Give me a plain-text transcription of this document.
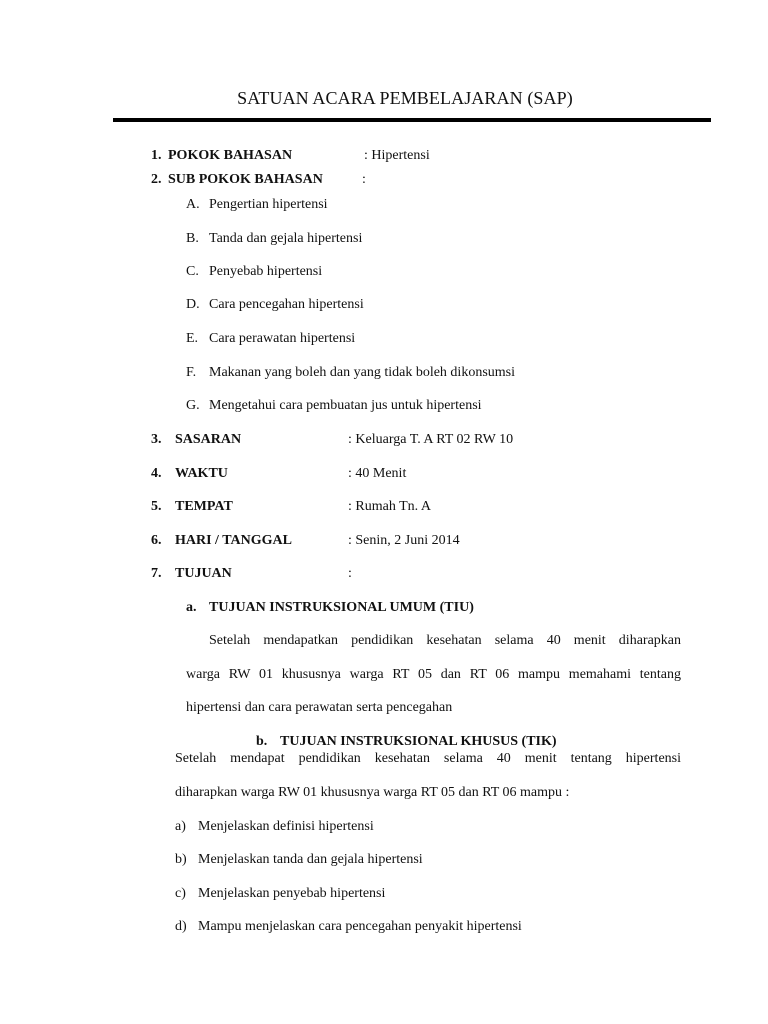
SATUAN ACARA PEMBELAJARAN (SAP)
1. POKOK BAHASAN	: Hipertensi
2. SUB POKOK BAHASAN	:
A. Pengertian hipertensi
B. Tanda dan gejala hipertensi
C. Penyebab hipertensi
D. Cara pencegahan hipertensi
E. Cara perawatan hipertensi
F. Makanan yang boleh dan yang tidak boleh dikonsumsi
G. Mengetahui cara pembuatan jus untuk hipertensi
3. SASARAN	: Keluarga T. A RT 02 RW 10
4. WAKTU	: 40 Menit
5. TEMPAT	: Rumah Tn. A
6. HARI / TANGGAL	: Senin, 2 Juni 2014
7. TUJUAN	:
a. TUJUAN INSTRUKSIONAL UMUM (TIU)
Setelah mendapatkan pendidikan kesehatan selama 40 menit diharapkan
warga RW 01 khususnya warga RT 05 dan RT 06 mampu memahami tentang
hipertensi dan cara perawatan serta pencegahan
b. TUJUAN INSTRUKSIONAL KHUSUS (TIK)
Setelah mendapat pendidikan kesehatan selama 40 menit tentang hipertensi
diharapkan warga RW 01 khususnya warga RT 05 dan RT 06 mampu :
a) Menjelaskan definisi hipertensi
b) Menjelaskan tanda dan gejala hipertensi
c) Menjelaskan penyebab hipertensi
d) Mampu menjelaskan cara pencegahan penyakit hipertensi
